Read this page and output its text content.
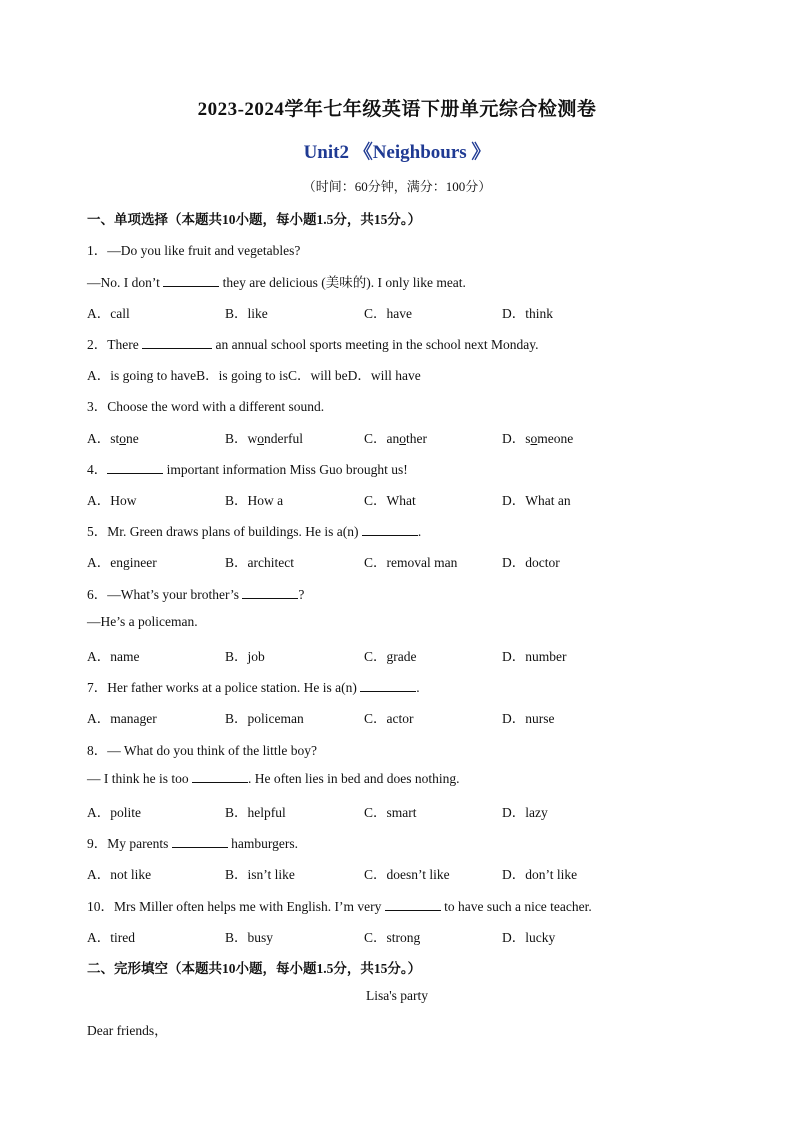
2023-2024学年七年级英语下册单元综合检测卷
Unit2 《Neighbours 》
（时间：60分钟，满分：100分）
一、单项选择（本题共10小题，每小题1.5分，共15分。）
1．—Do you like fruit and vegetables?
—No. I don’t	they are delicious (美味的). I only like meat.
A．call	B．like	C．have	D．think
2．There	an annual school sports meeting in the school next Monday.
A．is going to haveB．is going to isC．will beD．will have
3．Choose the word with a different sound.
A．stone	B．wonderful	C．another	D．someone
4．	important information Miss Guo brought us!
A．How	B．How a	C．What	D．What an
5．Mr. Green draws plans of buildings. He is a(n)	.
A．engineer	B．architect	C．removal man	D．doctor
6．—What’s your brother’s	?
—He’s a policeman.
A．name	B．job	C．grade	D．number
7．Her father works at a police station. He is a(n)	.
A．manager	B．policeman	C．actor	D．nurse
8．— What do you think of the little boy?
— I think he is too	. He often lies in bed and does nothing.
A．polite	B．helpful	C．smart	D．lazy
9．My parents	hamburgers.
A．not like	B．isn’t like	C．doesn’t like	D．don’t like
10．Mrs Miller often helps me with English. I’m very	to have such a nice teacher.
A．tired	B．busy	C．strong	D．lucky
二、完形填空（本题共10小题，每小题1.5分，共15分。）
Lisa's party
Dear friends，
